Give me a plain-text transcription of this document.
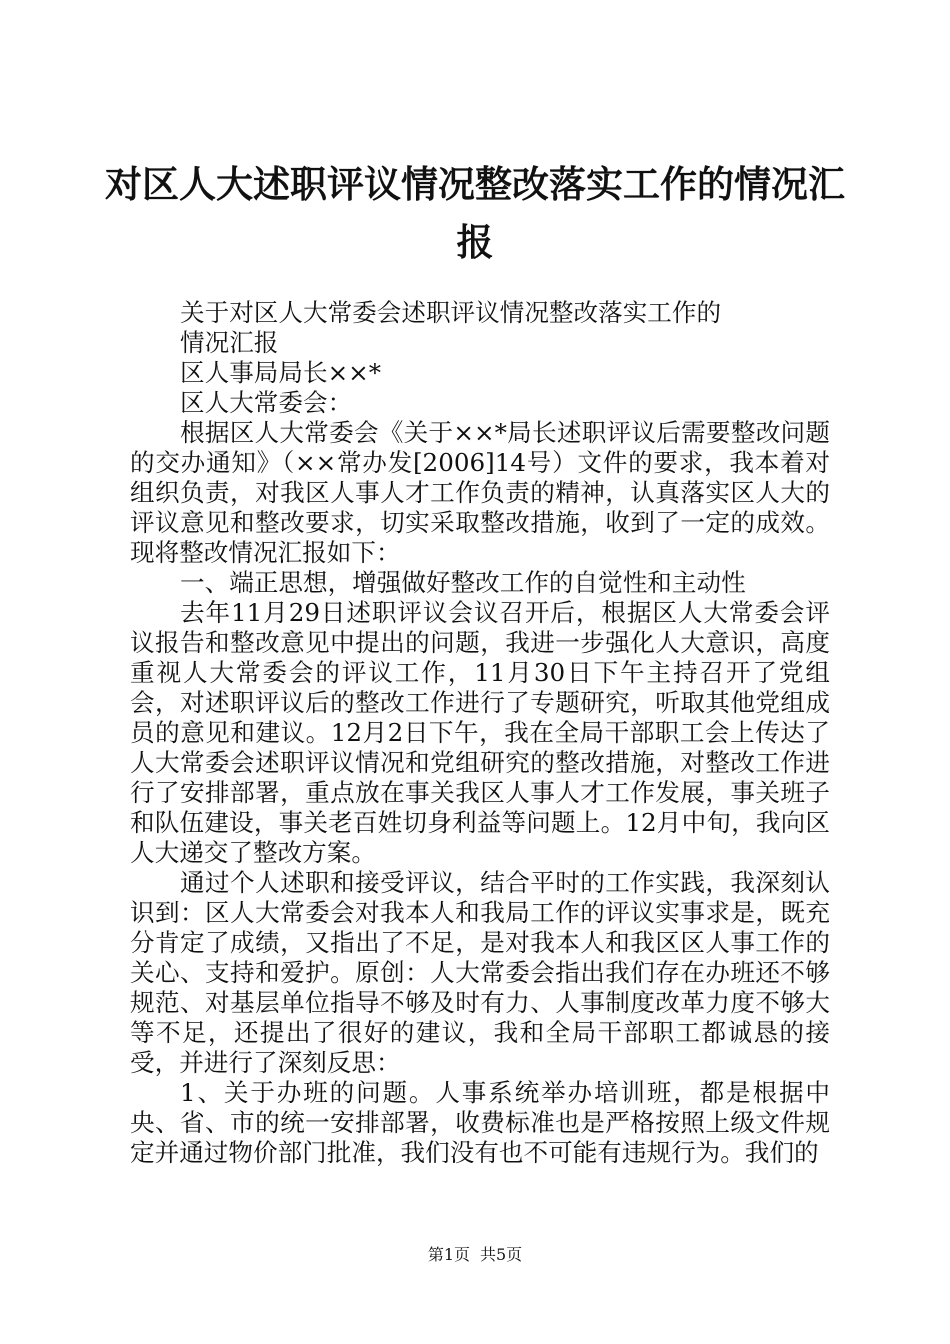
对区人大述职评议情况整改落实工作的情况汇
报

关于对区人大常委会述职评议情况整改落实工作的

情况汇报

区人事局局长××*

区人大常委会：

根据区人大常委会《关于××*局长述职评议后需要整改问题的交办通知》（××常办发[2006]14号）文件的要求，我本着对组织负责，对我区人事人才工作负责的精神，认真落实区人大的评议意见和整改要求，切实采取整改措施，收到了一定的成效。现将整改情况汇报如下：

一、端正思想，增强做好整改工作的自觉性和主动性

去年11月29日述职评议会议召开后，根据区人大常委会评议报告和整改意见中提出的问题，我进一步强化人大意识，高度重视人大常委会的评议工作，11月30日下午主持召开了党组会，对述职评议后的整改工作进行了专题研究，听取其他党组成员的意见和建议。12月2日下午，我在全局干部职工会上传达了人大常委会述职评议情况和党组研究的整改措施，对整改工作进行了安排部署，重点放在事关我区人事人才工作发展，事关班子和队伍建设，事关老百姓切身利益等问题上。12月中旬，我向区人大递交了整改方案。

通过个人述职和接受评议，结合平时的工作实践，我深刻认识到：区人大常委会对我本人和我局工作的评议实事求是，既充分肯定了成绩，又指出了不足，是对我本人和我区区人事工作的关心、支持和爱护。原创：人大常委会指出我们存在办班还不够规范、对基层单位指导不够及时有力、人事制度改革力度不够大等不足，还提出了很好的建议，我和全局干部职工都诚恳的接受，并进行了深刻反思：

1、关于办班的问题。人事系统举办培训班，都是根据中央、省、市的统一安排部署，收费标准也是严格按照上级文件规定并通过物价部门批准，我们没有也不可能有违规行为。我们的

第1页 共5页
